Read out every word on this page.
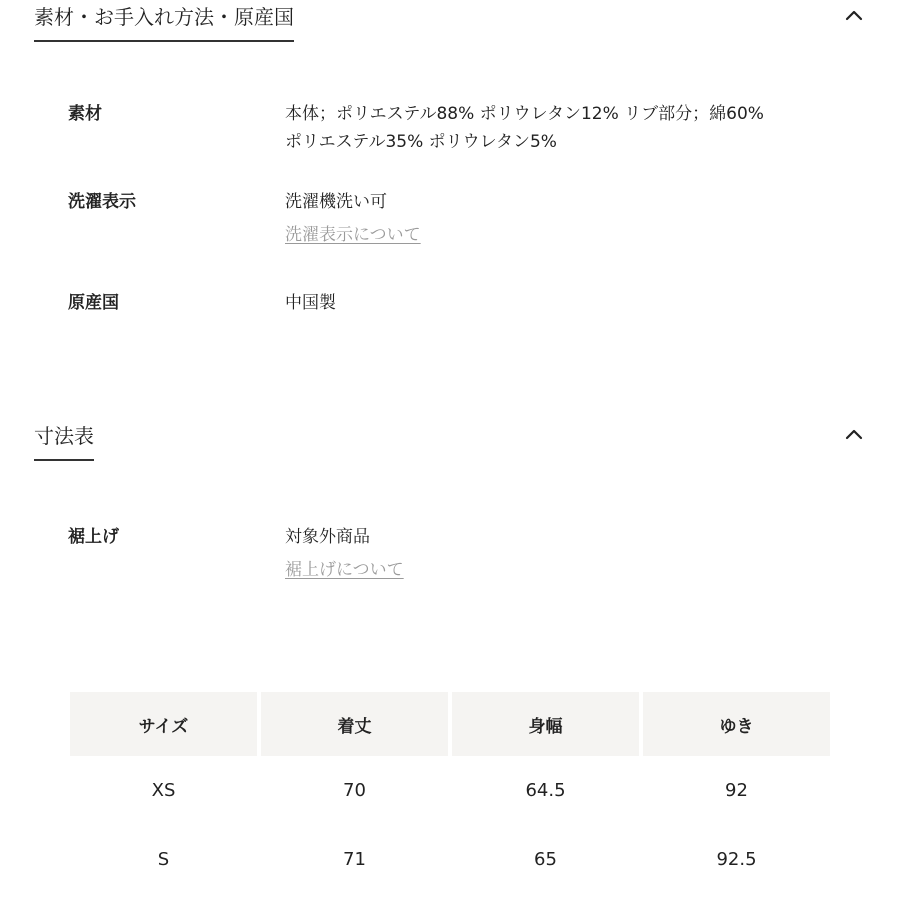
素材・お手入れ方法・原産国
素材	本体；ポリエステル88% ポリウレタン12% リブ部分；綿60%
ポリエステル35% ポリウレタン5%
洗濯表示	洗濯機洗い可
洗濯表示について
原産国	中国製
寸法表
裾上げ	対象外商品
裾上げについて
サイズ	着丈	身幅	ゆき
XS	70	64.5	92
S	71	65	92.5
